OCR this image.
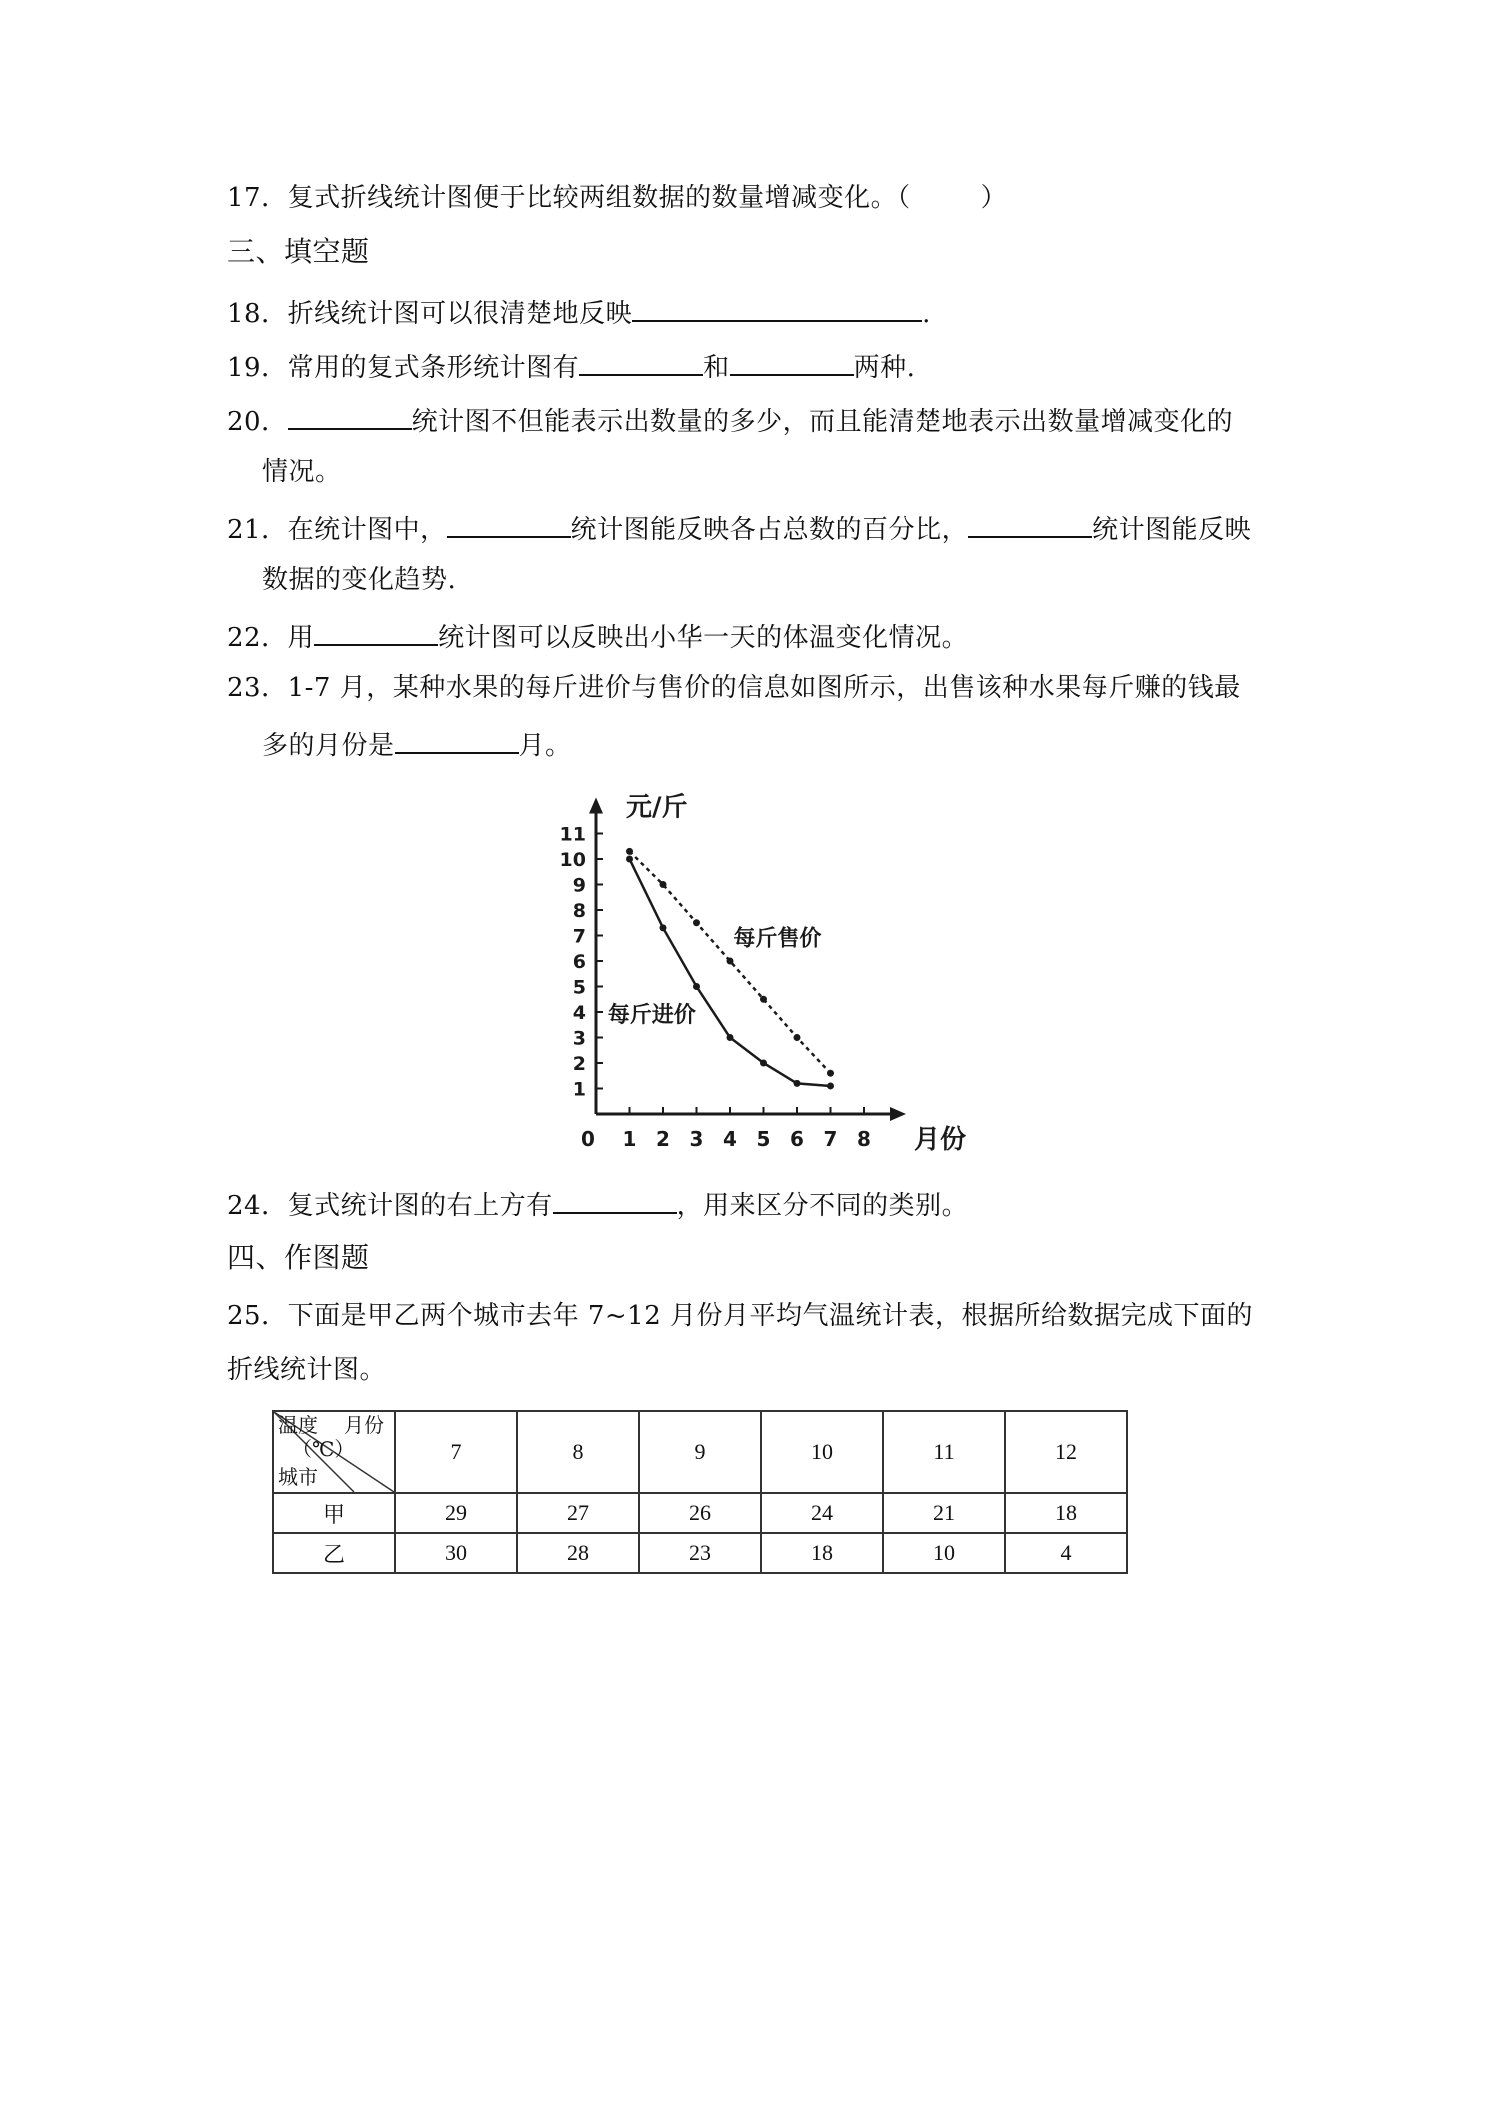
17．复式折线统计图便于比较两组数据的数量增减变化。（	）
三、填空题
18．折线统计图可以很清楚地反映	.
19．常用的复式条形统计图有	和	两种.
20．	统计图不但能表示出数量的多少，而且能清楚地表示出数量增减变化的
情况。
21．在统计图中，	统计图能反映各占总数的百分比，	统计图能反映
数据的变化趋势.
22．用	统计图可以反映出小华一天的体温变化情况。
23．1-7 月，某种水果的每斤进价与售价的信息如图所示，出售该种水果每斤赚的钱最
多的月份是	月。
元/斤
月份
0 1 2 3 4 5 6 7 8
1
2
3
4
5
6
7
8
9
10
11
每斤售价
每斤进价
24．复式统计图的右上方有	，用来区分不同的类别。
四、作图题
25．下面是甲乙两个城市去年 7~12 月份月平均气温统计表，根据所给数据完成下面的
折线统计图。
温度 月份
（℃）
城市	7	8	9	10	11	12
甲	29	27	26	24	21	18
乙	30	28	23	18	10	4
